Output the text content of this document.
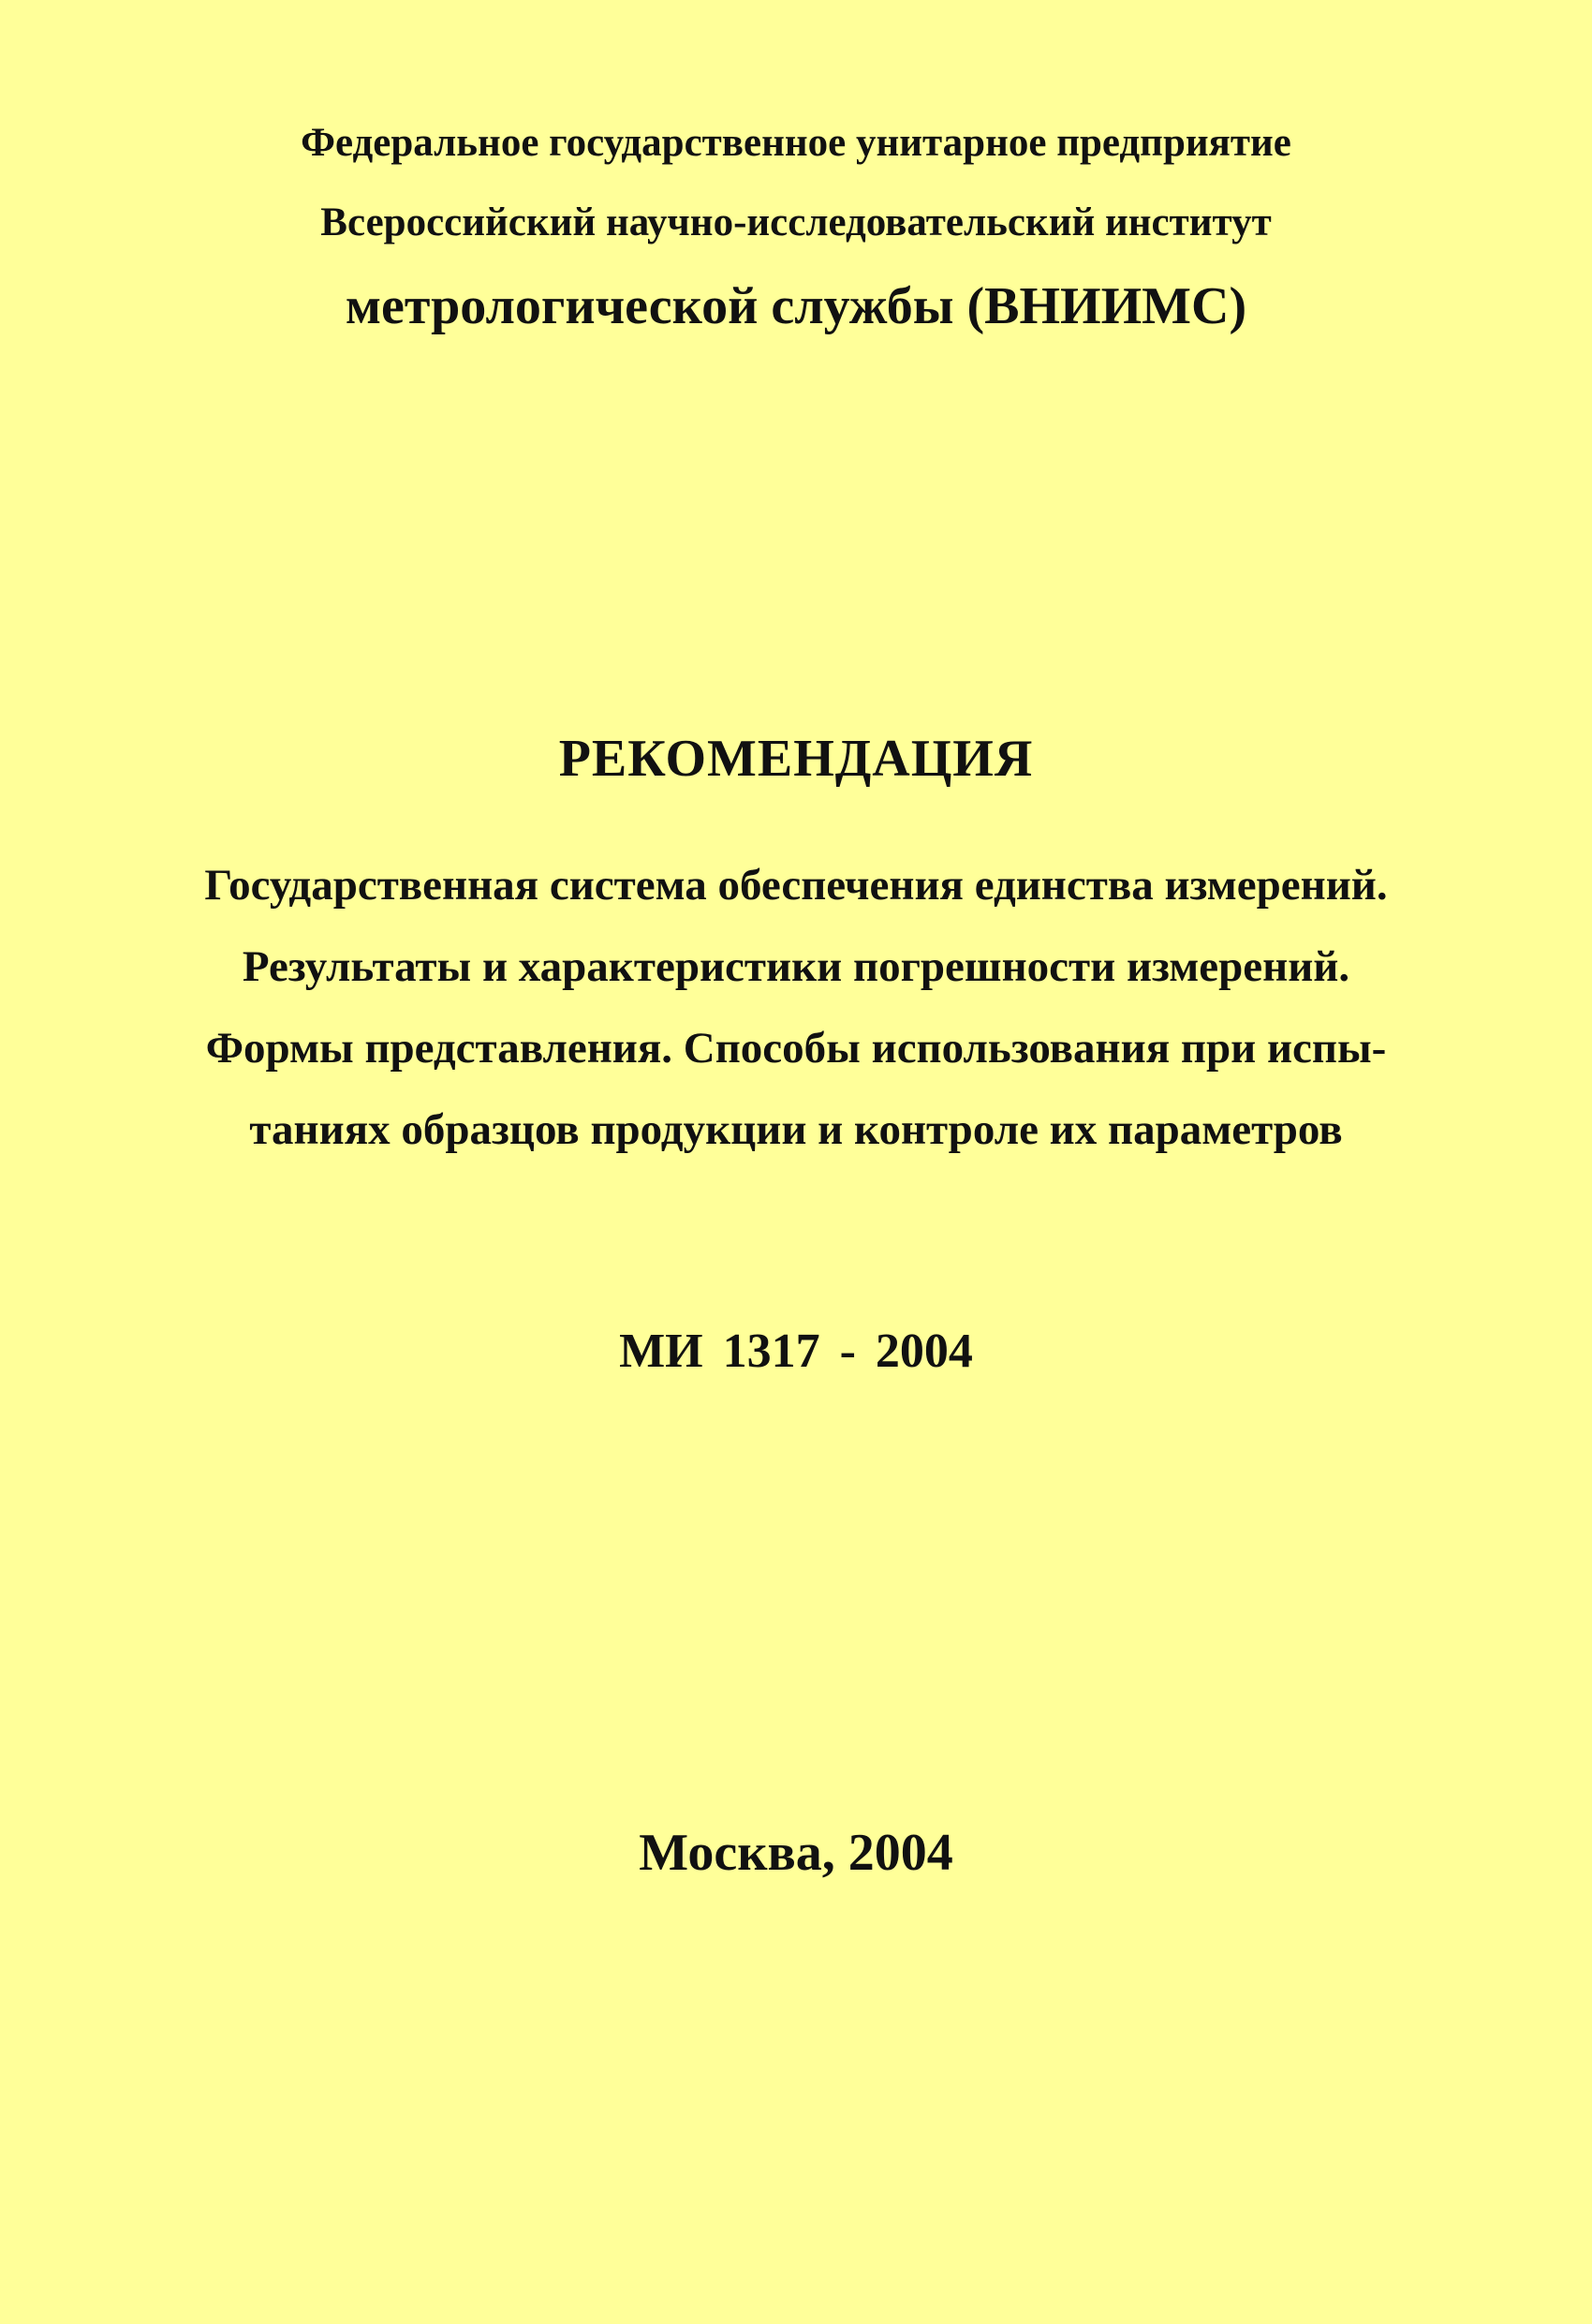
Федеральное государственное унитарное предприятие
Всероссийский научно-исследовательский институт
метрологической службы (ВНИИМС)
РЕКОМЕНДАЦИЯ
Государственная система обеспечения единства измерений.
Результаты и характеристики погрешности измерений.
Формы представления. Способы использования при испы-
таниях образцов продукции и контроле их параметров
МИ 1317 - 2004
Москва, 2004
